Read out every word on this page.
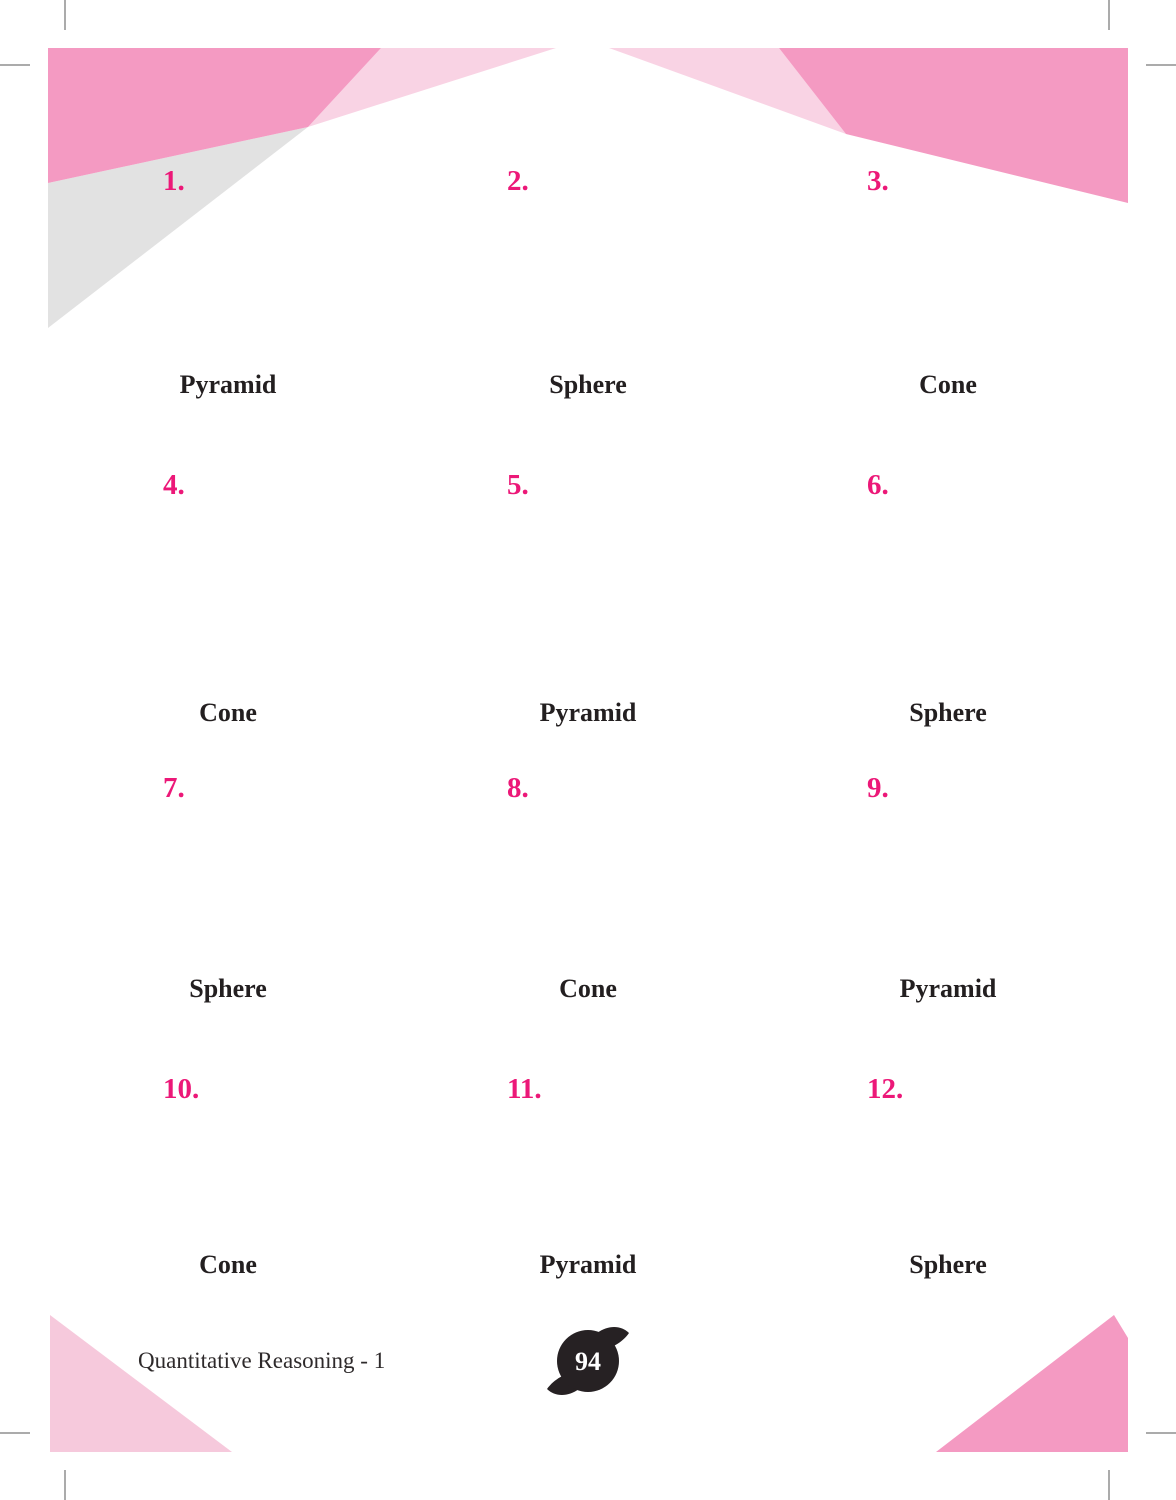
94
1.
Pyramid
2.
Sphere
3.
Cone
4.
Cone
5.
Pyramid
6.
Sphere
7.
Sphere
8.
Cone
9.
Pyramid
10.
Cone
11.
Pyramid
12.
Sphere
Quantitative Reasoning - 1
